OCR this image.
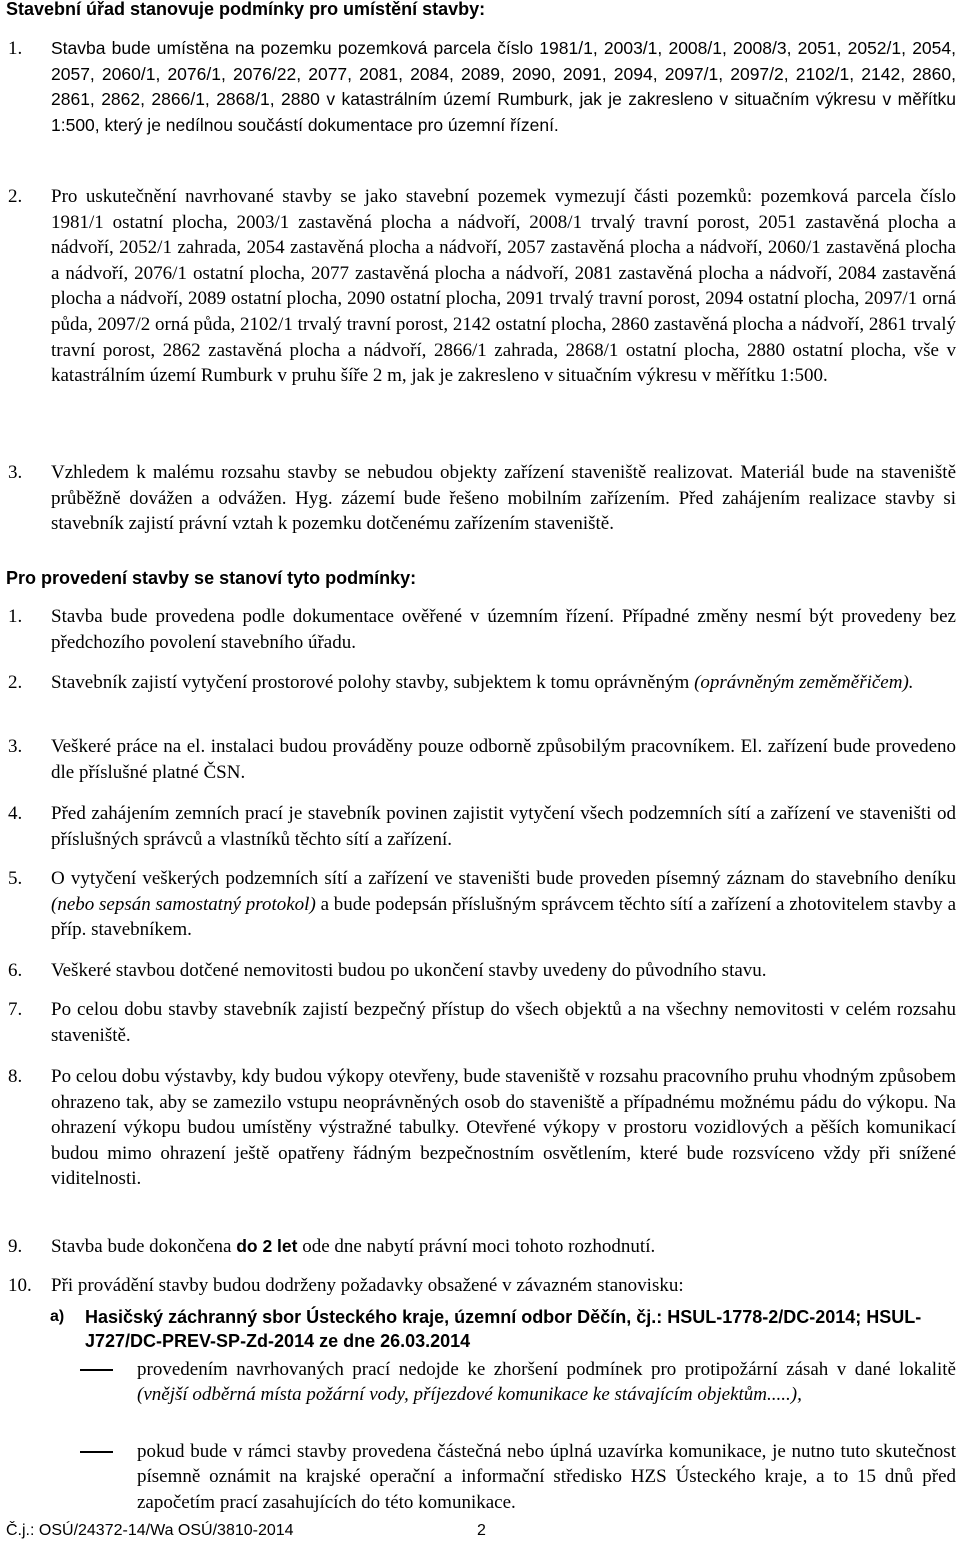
Stavební úřad stanovuje podmínky pro umístění stavby:
1. Stavba bude umístěna na pozemku pozemková parcela číslo 1981/1, 2003/1, 2008/1, 2008/3, 2051, 2052/1, 2054, 2057, 2060/1, 2076/1, 2076/22, 2077, 2081, 2084, 2089, 2090, 2091, 2094, 2097/1, 2097/2, 2102/1, 2142, 2860, 2861, 2862, 2866/1, 2868/1, 2880 v katastrálním území Rumburk, jak je zakresleno v situačním výkresu v měřítku 1:500, který je nedílnou součástí dokumentace pro územní řízení.
2. Pro uskutečnění navrhované stavby se jako stavební pozemek vymezují části pozemků: pozemková parcela číslo 1981/1 ostatní plocha, 2003/1 zastavěná plocha a nádvoří, 2008/1 trvalý travní porost, 2051 zastavěná plocha a nádvoří, 2052/1 zahrada, 2054 zastavěná plocha a nádvoří, 2057 zastavěná plocha a nádvoří, 2060/1 zastavěná plocha a nádvoří, 2076/1 ostatní plocha, 2077 zastavěná plocha a nádvoří, 2081 zastavěná plocha a nádvoří, 2084 zastavěná plocha a nádvoří, 2089 ostatní plocha, 2090 ostatní plocha, 2091 trvalý travní porost, 2094 ostatní plocha, 2097/1 orná půda, 2097/2 orná půda, 2102/1 trvalý travní porost, 2142 ostatní plocha, 2860 zastavěná plocha a nádvoří, 2861 trvalý travní porost, 2862 zastavěná plocha a nádvoří, 2866/1 zahrada, 2868/1 ostatní plocha, 2880 ostatní plocha, vše v katastrálním území Rumburk v pruhu šíře 2 m, jak je zakresleno v situačním výkresu v měřítku 1:500.
3. Vzhledem k malému rozsahu stavby se nebudou objekty zařízení staveniště realizovat. Materiál bude na staveniště průběžně dovážen a odvážen. Hyg. zázemí bude řešeno mobilním zařízením. Před zahájením realizace stavby si stavebník zajistí právní vztah k pozemku dotčenému zařízením staveniště.
Pro provedení stavby se stanoví tyto podmínky:
1. Stavba bude provedena podle dokumentace ověřené v územním řízení. Případné změny nesmí být provedeny bez předchozího povolení stavebního úřadu.
2. Stavebník zajistí vytyčení prostorové polohy stavby, subjektem k tomu oprávněným (oprávněným zeměměřičem).
3. Veškeré práce na el. instalaci budou prováděny pouze odborně způsobilým pracovníkem. El. zařízení bude provedeno dle příslušné platné ČSN.
4. Před zahájením zemních prací je stavebník povinen zajistit vytyčení všech podzemních sítí a zařízení ve staveništi od příslušných správců a vlastníků těchto sítí a zařízení.
5. O vytyčení veškerých podzemních sítí a zařízení ve staveništi bude proveden písemný záznam do stavebního deníku (nebo sepsán samostatný protokol) a bude podepsán příslušným správcem těchto sítí a zařízení a zhotovitelem stavby a příp. stavebníkem.
6. Veškeré stavbou dotčené nemovitosti budou po ukončení stavby uvedeny do původního stavu.
7. Po celou dobu stavby stavebník zajistí bezpečný přístup do všech objektů a na všechny nemovitosti v celém rozsahu staveniště.
8. Po celou dobu výstavby, kdy budou výkopy otevřeny, bude staveniště v rozsahu pracovního pruhu vhodným způsobem ohrazeno tak, aby se zamezilo vstupu neoprávněných osob do staveniště a případnému možnému pádu do výkopu. Na ohrazení výkopu budou umístěny výstražné tabulky. Otevřené výkopy v prostoru vozidlových a pěších komunikací budou mimo ohrazení ještě opatřeny řádným bezpečnostním osvětlením, které bude rozsvíceno vždy při snížené viditelnosti.
9. Stavba bude dokončena do 2 let ode dne nabytí právní moci tohoto rozhodnutí.
10. Při provádění stavby budou dodrženy požadavky obsažené v závazném stanovisku:
a) Hasičský záchranný sbor Ústeckého kraje, územní odbor Děčín, čj.: HSUL-1778-2/DC-2014; HSUL-J727/DC-PREV-SP-Zd-2014 ze dne 26.03.2014
provedením navrhovaných prací nedojde ke zhoršení podmínek pro protipožární zásah v dané lokalitě (vnější odběrná místa požární vody, příjezdové komunikace ke stávajícím objektům.....),
pokud bude v rámci stavby provedena částečná nebo úplná uzavírka komunikace, je nutno tuto skutečnost písemně oznámit na krajské operační a informační středisko HZS Ústeckého kraje, a to 15 dnů před započetím prací zasahujících do této komunikace.
Č.j.: OSÚ/24372-14/Wa OSÚ/3810-2014	2
